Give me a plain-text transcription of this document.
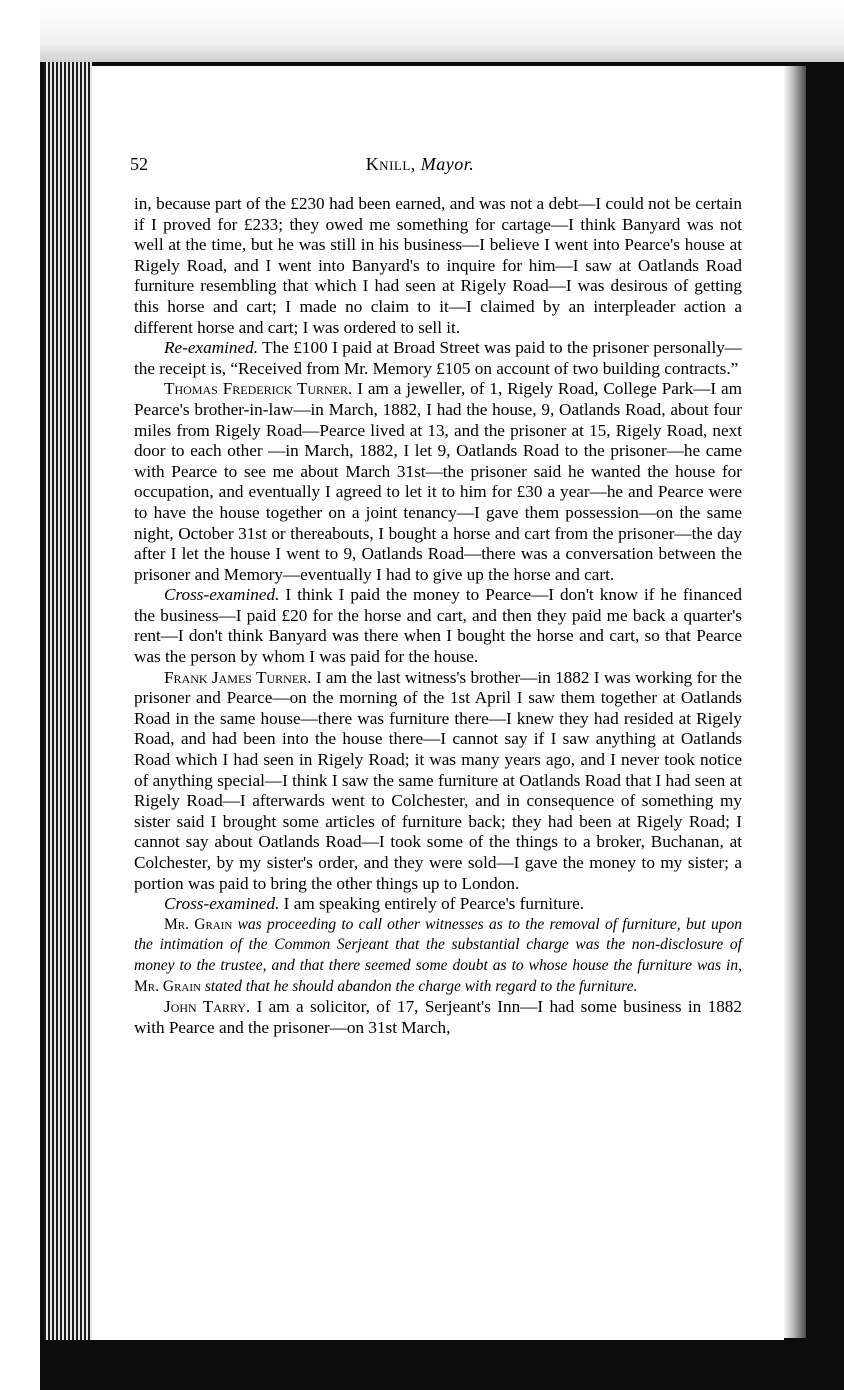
52	Knill, Mayor.

in, because part of the £230 had been earned, and was not a debt—I could not be certain if I proved for £233; they owed me something for cartage—I think Banyard was not well at the time, but he was still in his business—I believe I went into Pearce's house at Rigely Road, and I went into Banyard's to inquire for him—I saw at Oatlands Road furniture resembling that which I had seen at Rigely Road—I was desirous of getting this horse and cart; I made no claim to it—I claimed by an interpleader action a different horse and cart; I was ordered to sell it.

Re-examined. The £100 I paid at Broad Street was paid to the prisoner personally—the receipt is, “Received from Mr. Memory £105 on account of two building contracts.”

Thomas Frederick Turner. I am a jeweller, of 1, Rigely Road, College Park—I am Pearce's brother-in-law—in March, 1882, I had the house, 9, Oatlands Road, about four miles from Rigely Road—Pearce lived at 13, and the prisoner at 15, Rigely Road, next door to each other —in March, 1882, I let 9, Oatlands Road to the prisoner—he came with Pearce to see me about March 31st—the prisoner said he wanted the house for occupation, and eventually I agreed to let it to him for £30 a year—he and Pearce were to have the house together on a joint tenancy—I gave them possession—on the same night, October 31st or thereabouts, I bought a horse and cart from the prisoner—the day after I let the house I went to 9, Oatlands Road—there was a conversation between the prisoner and Memory—eventually I had to give up the horse and cart.

Cross-examined. I think I paid the money to Pearce—I don't know if he financed the business—I paid £20 for the horse and cart, and then they paid me back a quarter's rent—I don't think Banyard was there when I bought the horse and cart, so that Pearce was the person by whom I was paid for the house.

Frank James Turner. I am the last witness's brother—in 1882 I was working for the prisoner and Pearce—on the morning of the 1st April I saw them together at Oatlands Road in the same house—there was furniture there—I knew they had resided at Rigely Road, and had been into the house there—I cannot say if I saw anything at Oatlands Road which I had seen in Rigely Road; it was many years ago, and I never took notice of anything special—I think I saw the same furniture at Oatlands Road that I had seen at Rigely Road—I afterwards went to Colchester, and in consequence of something my sister said I brought some articles of furniture back; they had been at Rigely Road; I cannot say about Oatlands Road—I took some of the things to a broker, Buchanan, at Colchester, by my sister's order, and they were sold—I gave the money to my sister; a portion was paid to bring the other things up to London.

Cross-examined. I am speaking entirely of Pearce's furniture.

Mr. Grain was proceeding to call other witnesses as to the removal of furniture, but upon the intimation of the Common Serjeant that the substantial charge was the non-disclosure of money to the trustee, and that there seemed some doubt as to whose house the furniture was in, Mr. Grain stated that he should abandon the charge with regard to the furniture.

John Tarry. I am a solicitor, of 17, Serjeant's Inn—I had some business in 1882 with Pearce and the prisoner—on 31st March,
